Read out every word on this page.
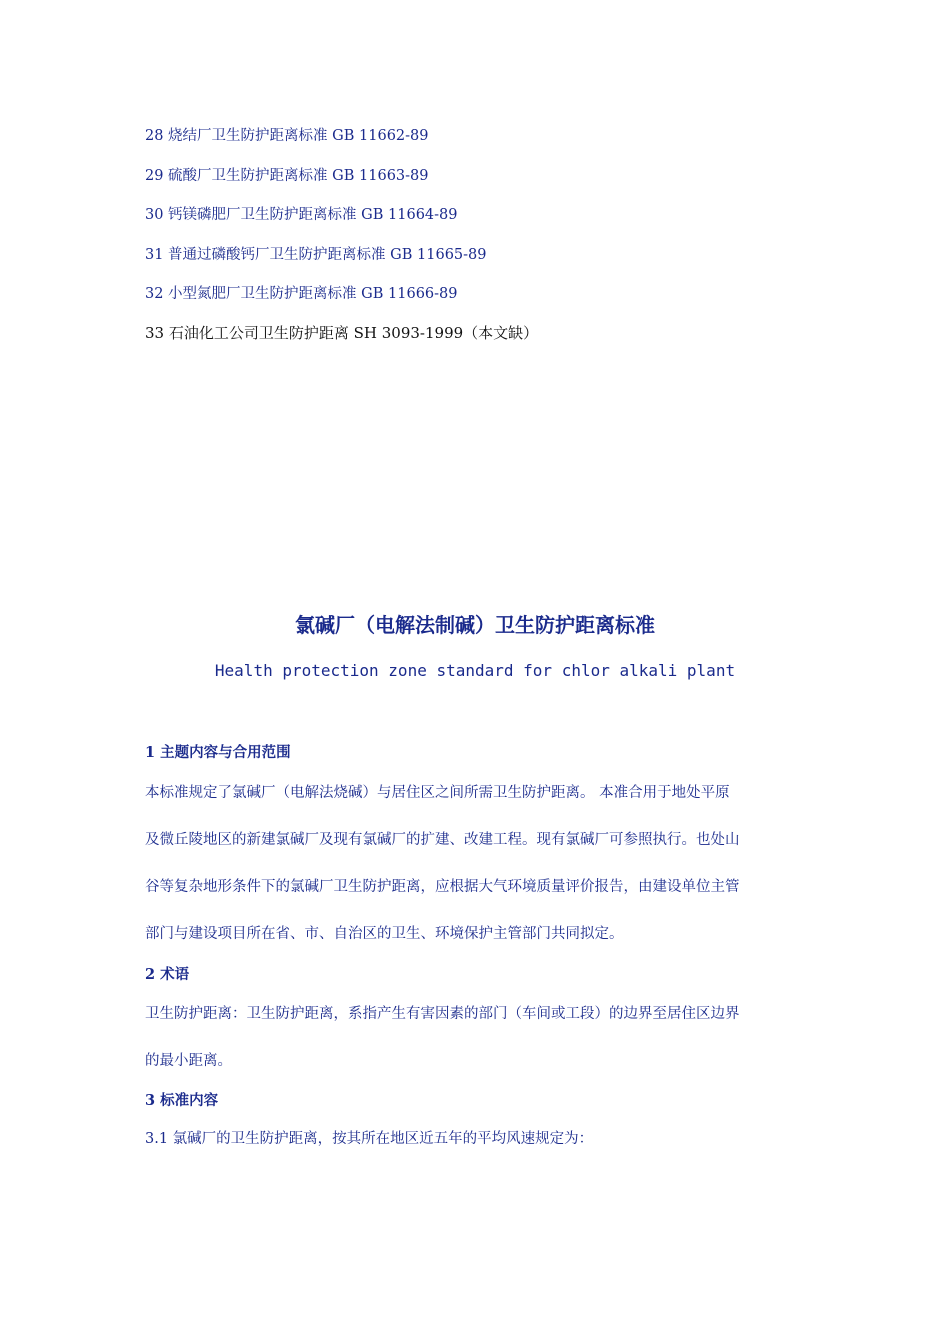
28 烧结厂卫生防护距离标准 GB 11662-89
29 硫酸厂卫生防护距离标准 GB 11663-89
30 钙镁磷肥厂卫生防护距离标准 GB 11664-89
31 普通过磷酸钙厂卫生防护距离标准 GB 11665-89
32 小型氮肥厂卫生防护距离标准 GB 11666-89
33 石油化工公司卫生防护距离 SH 3093-1999（本文缺）
氯碱厂（电解法制碱）卫生防护距离标准
Health protection zone standard for chlor alkali plant
1 主题内容与合用范围
本标准规定了氯碱厂（电解法烧碱）与居住区之间所需卫生防护距离。 本准合用于地处平原
及微丘陵地区的新建氯碱厂及现有氯碱厂的扩建、改建工程。现有氯碱厂可参照执行。也处山
谷等复杂地形条件下的氯碱厂卫生防护距离，应根据大气环境质量评价报告，由建设单位主管
部门与建设项目所在省、市、自治区的卫生、环境保护主管部门共同拟定。
2 术语
卫生防护距离：卫生防护距离，系指产生有害因素的部门（车间或工段）的边界至居住区边界
的最小距离。
3 标准内容
3.1 氯碱厂的卫生防护距离，按其所在地区近五年的平均风速规定为：
